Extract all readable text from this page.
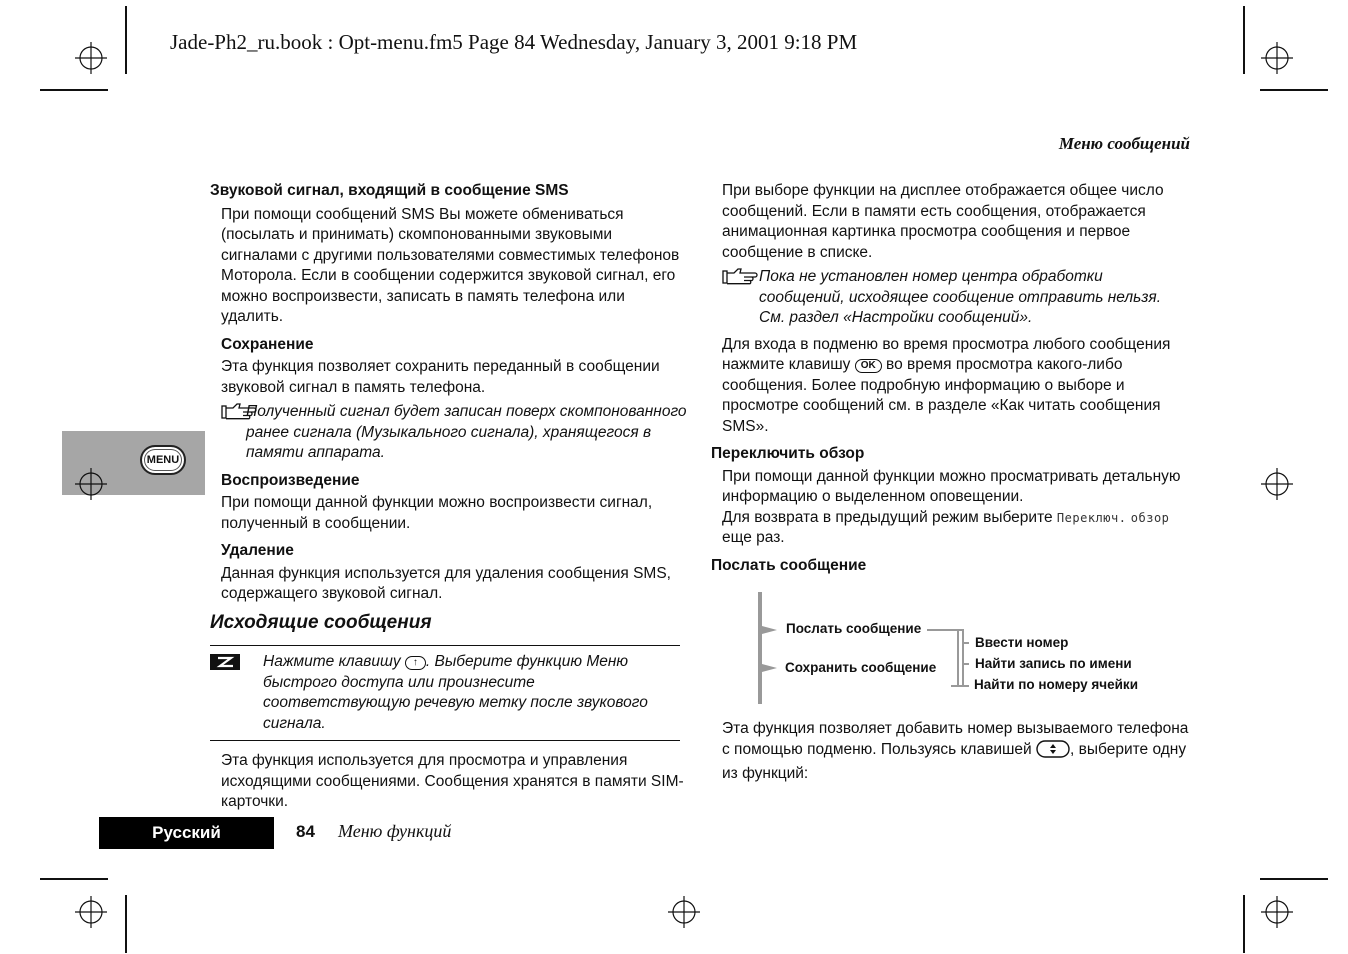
Jade-Ph2_ru.book : Opt-menu.fm5 Page 84 Wednesday, January 3, 2001 9:18 PM
Меню сообщений
MENU

Звуковой сигнал, входящий в сообщение SMS

При помощи сообщений SMS Вы можете обмениваться (посылать и принимать) скомпонованными звуковыми сигналами с другими пользователями совместимых телефонов Моторола. Если в сообщении содержится звуковой сигнал, его можно воспроизвести, записать в память телефона или удалить.

Сохранение

Эта функция позволяет сохранить переданный в сообщении звуковой сигнал в память телефона.

Полученный сигнал будет записан поверх скомпонованного ранее сигнала (Музыкального сигнала), хранящегося в памяти аппарата.

Воспроизведение

При помощи данной функции можно воспроизвести сигнал, полученный в сообщении.

Удаление

Данная функция используется для удаления сообщения SMS, содержащего звуковой сигнал.

Исходящие сообщения

Нажмите клавишу ↑ . Выберите функцию Меню быстрого доступа или произнесите соответствующую речевую метку после звукового сигнала.

Эта функция используется для просмотра и управления исходящими сообщениями. Сообщения хранятся в памяти SIM-карточки.

При выборе функции на дисплее отображается общее число сообщений. Если в памяти есть сообщения, отображается анимационная картинка просмотра сообщения и первое сообщение в списке.

Пока не установлен номер центра обработки сообщений, исходящее сообщение отправить нельзя. См. раздел «Настройки сообщений».

Для входа в подменю во время просмотра любого сообщения нажмите клавишу OK во время просмотра какого-либо сообщения. Более подробную информацию о выборе и просмотре сообщений см. в разделе «Как читать сообщения SMS».

Переключить обзор

При помощи данной функции можно просматривать детальную информацию о выделенном оповещении.

Для возврата в предыдущий режим выберите Переключ. обзор еще раз.

Послать сообщение

Послать сообщение
Сохранить сообщение
Ввести номер
Найти запись по имени
Найти по номеру ячейки

Эта функция позволяет добавить номер вызываемого телефона с помощью подменю. Пользуясь клавишей , выберите одну из функций:

Русский	84 Меню функций
